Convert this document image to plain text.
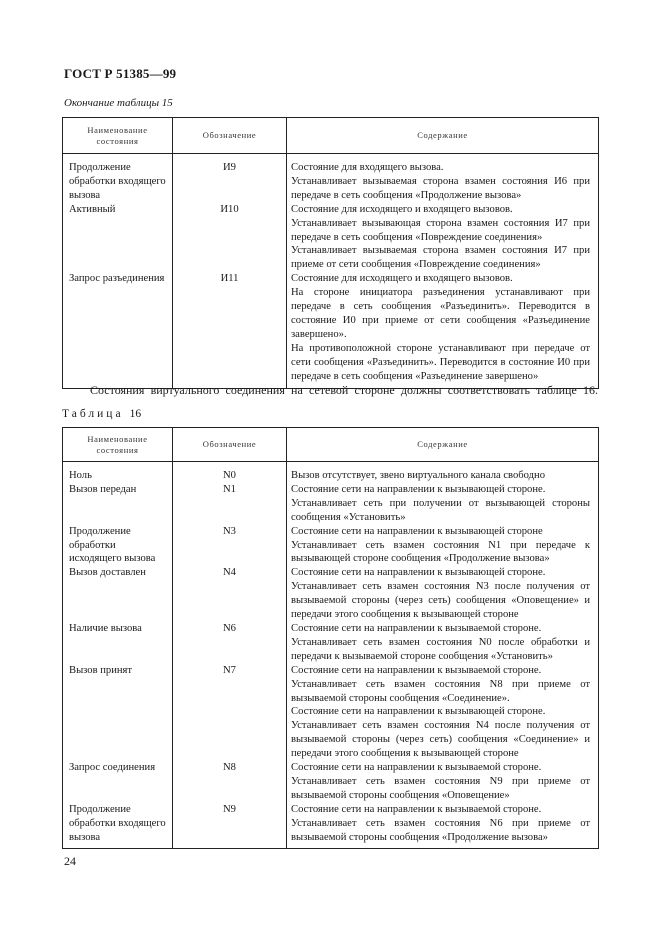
ГОСТ Р 51385—99
Окончание таблицы 15
Наименование состояния	Обозначение	Содержание
Продолжение обработки входящего вызова	И9	Состояние для входящего вызова.
Устанавливает вызываемая сторона взамен состояния И6 при передаче в сеть сообщения «Продолжение вызова»

Активный	И10	Состояние для исходящего и входящего вызовов.
Устанавливает вызывающая сторона взамен состояния И7 при передаче в сеть сообщения «Повреждение соединения»
Устанавливает вызываемая сторона взамен состояния И7 при приеме от сети сообщения «Повреждение соединения»

Запрос разъединения	И11	Состояние для исходящего и входящего вызовов.
На стороне инициатора разъединения устанавливают при передаче в сеть сообщения «Разъединить». Переводится в состояние И0 при приеме от сети сообщения «Разъединение завершено».
На противоположной стороне устанавливают при передаче от сети сообщения «Разъединить». Переводится в состояние И0 при передаче в сеть сообщения «Разъединение завершено»
Состояния виртуального соединения на сетевой стороне должны соответствовать таблице 16.
Таблица 16
Наименование состояния	Обозначение	Содержание
Ноль	N0	Вызов отсутствует, звено виртуального канала свободно

Вызов передан	N1	Состояние сети на направлении к вызывающей стороне.
Устанавливает сеть при получении от вызывающей стороны сообщения «Установить»

Продолжение обработки исходящего вызова	N3	Состояние сети на направлении к вызывающей стороне
Устанавливает сеть взамен состояния N1 при передаче к вызывающей стороне сообщения «Продолжение вызова»

Вызов доставлен	N4	Состояние сети на направлении к вызывающей стороне.
Устанавливает сеть взамен состояния N3 после получения от вызываемой стороны (через сеть) сообщения «Оповещение» и передачи этого сообщения к вызывающей стороне

Наличие вызова	N6	Состояние сети на направлении к вызываемой стороне.
Устанавливает сеть взамен состояния N0 после обработки и передачи к вызываемой стороне сообщения «Установить»

Вызов принят	N7	Состояние сети на направлении к вызываемой стороне.
Устанавливает сеть взамен состояния N8 при приеме от вызываемой стороны сообщения «Соединение».
Состояние сети на направлении к вызывающей стороне.
Устанавливает сеть взамен состояния N4 после получения от вызываемой стороны (через сеть) сообщения «Соединение» и передачи этого сообщения к вызывающей стороне

Запрос соединения	N8	Состояние сети на направлении к вызываемой стороне.
Устанавливает сеть взамен состояния N9 при приеме от вызываемой стороны сообщения «Оповещение»

Продолжение обработки входящего вызова	N9	Состояние сети на направлении к вызываемой стороне.
Устанавливает сеть взамен состояния N6 при приеме от вызываемой стороны сообщения «Продолжение вызова»
24
